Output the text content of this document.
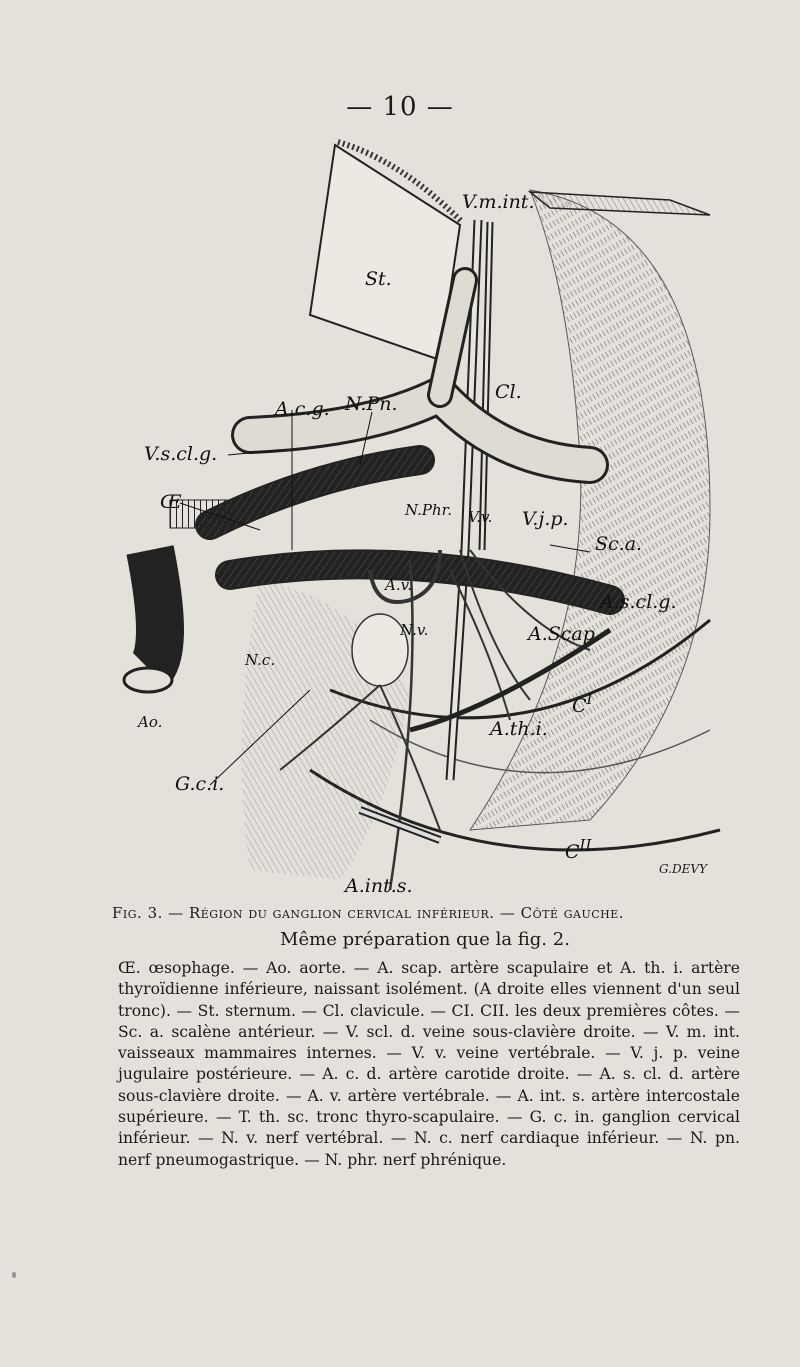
— 10 —
V.m.int.
St.
Cl.
A.c.g. N.Pn.
V.s.cl.g.
Œ	N.Phr. V.v. V.j.p.
Sc.a.
A.v.
A.s.cl.g.
N.v.	A.Scap.
N.c.
$C^I$
Ao.	A.th.i.
G.c.i.
$C^{II}$
A.int.s.
G.DEVY
Fig. 3. — Région du ganglion cervical inférieur. — Côté gauche.
Même préparation que la fig. 2.
Œ. œsophage. — Ao. aorte. — A. scap. artère scapulaire et A. th. i. artère thyroïdienne inférieure, naissant isolément. (A droite elles viennent d'un seul tronc). — St. sternum. — Cl. clavicule. — CI. CII. les deux premières côtes. — Sc. a. scalène antérieur. — V. scl. d. veine sous-clavière droite. — V. m. int. vaisseaux mammaires internes. — V. v. veine vertébrale. — V. j. p. veine jugulaire postérieure. — A. c. d. artère carotide droite. — A. s. cl. d. artère sous-clavière droite. — A. v. artère vertébrale. — A. int. s. artère intercostale supérieure. — T. th. sc. tronc thyro-scapulaire. — G. c. in. ganglion cervical inférieur. — N. v. nerf vertébral. — N. c. nerf cardiaque inférieur. — N. pn. nerf pneumogastrique. — N. phr. nerf phrénique.
